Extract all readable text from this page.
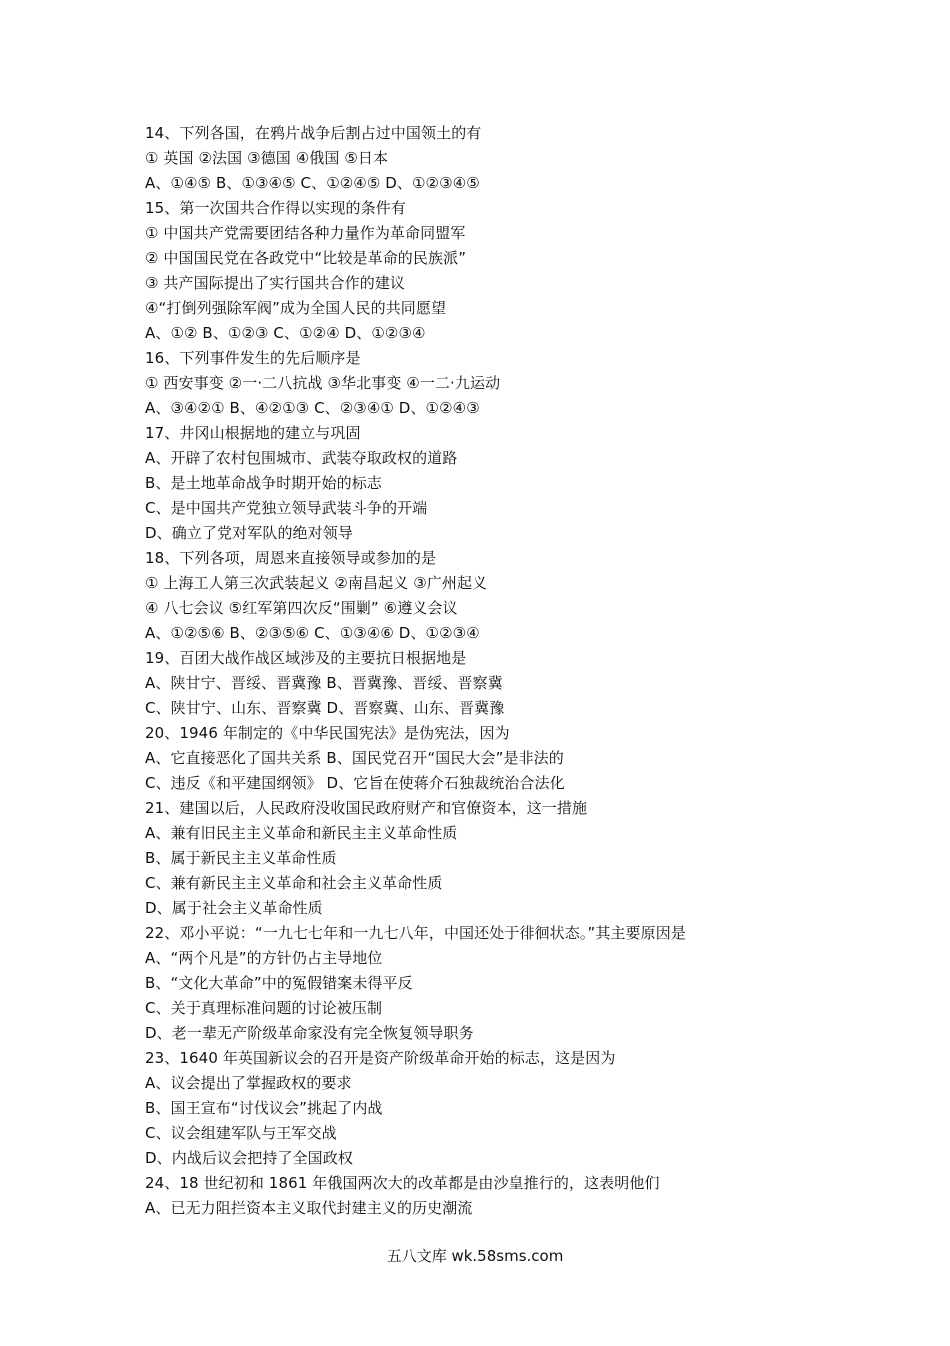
14、下列各国，在鸦片战争后割占过中国领土的有
① 英国 ②法国 ③德国 ④俄国 ⑤日本
A、①④⑤ B、①③④⑤ C、①②④⑤ D、①②③④⑤
15、第一次国共合作得以实现的条件有
① 中国共产党需要团结各种力量作为革命同盟军
② 中国国民党在各政党中“比较是革命的民族派”
③ 共产国际提出了实行国共合作的建议
④“打倒列强除军阀”成为全国人民的共同愿望
A、①② B、①②③ C、①②④ D、①②③④
16、下列事件发生的先后顺序是
① 西安事变 ②一·二八抗战 ③华北事变 ④一二·九运动
A、③④②① B、④②①③ C、②③④① D、①②④③
17、井冈山根据地的建立与巩固
A、开辟了农村包围城市、武装夺取政权的道路
B、是土地革命战争时期开始的标志
C、是中国共产党独立领导武装斗争的开端
D、确立了党对军队的绝对领导
18、下列各项，周恩来直接领导或参加的是
① 上海工人第三次武装起义 ②南昌起义 ③广州起义
④ 八七会议 ⑤红军第四次反“围剿” ⑥遵义会议
A、①②⑤⑥ B、②③⑤⑥ C、①③④⑥ D、①②③④
19、百团大战作战区域涉及的主要抗日根据地是
A、陕甘宁、晋绥、晋冀豫 B、晋冀豫、晋绥、晋察冀
C、陕甘宁、山东、晋察冀 D、晋察冀、山东、晋冀豫
20、1946 年制定的《中华民国宪法》是伪宪法，因为
A、它直接恶化了国共关系 B、国民党召开“国民大会”是非法的
C、违反《和平建国纲领》 D、它旨在使蒋介石独裁统治合法化
21、建国以后，人民政府没收国民政府财产和官僚资本，这一措施
A、兼有旧民主主义革命和新民主主义革命性质
B、属于新民主主义革命性质
C、兼有新民主主义革命和社会主义革命性质
D、属于社会主义革命性质
22、邓小平说：“一九七七年和一九七八年，中国还处于徘徊状态。”其主要原因是
A、“两个凡是”的方针仍占主导地位
B、“文化大革命”中的冤假错案未得平反
C、关于真理标准问题的讨论被压制
D、老一辈无产阶级革命家没有完全恢复领导职务
23、1640 年英国新议会的召开是资产阶级革命开始的标志，这是因为
A、议会提出了掌握政权的要求
B、国王宣布“讨伐议会”挑起了内战
C、议会组建军队与王军交战
D、内战后议会把持了全国政权
24、18 世纪初和 1861 年俄国两次大的改革都是由沙皇推行的，这表明他们
A、已无力阻拦资本主义取代封建主义的历史潮流
五八文库 wk.58sms.com
